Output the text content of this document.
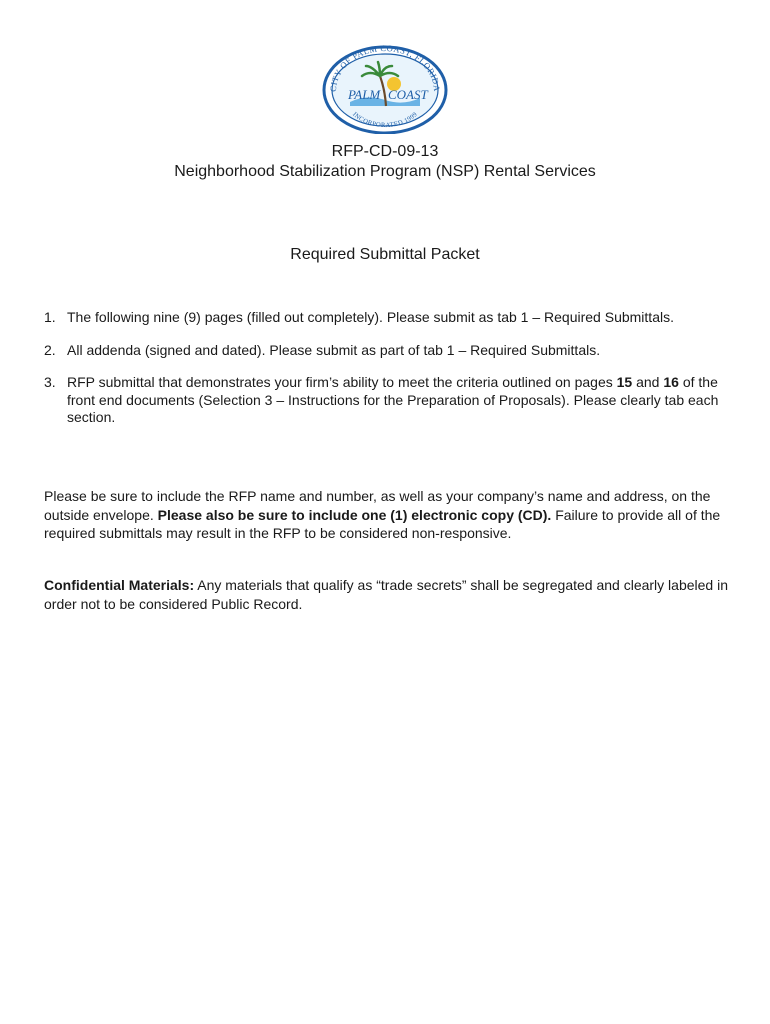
CITY OF PALM COAST, FLORIDA
PALM COAST
INCORPORATED 1999
RFP-CD-09-13
Neighborhood Stabilization Program (NSP) Rental Services
Required Submittal Packet

1. The following nine (9) pages (filled out completely). Please submit as tab 1 – Required Submittals.

2. All addenda (signed and dated). Please submit as part of tab 1 – Required Submittals.

3. RFP submittal that demonstrates your firm’s ability to meet the criteria outlined on pages 15 and 16 of the front end documents (Selection 3 – Instructions for the Preparation of Proposals). Please clearly tab each section.

Please be sure to include the RFP name and number, as well as your company’s name and address, on the outside envelope. Please also be sure to include one (1) electronic copy (CD). Failure to provide all of the required submittals may result in the RFP to be considered non-responsive.

Confidential Materials: Any materials that qualify as “trade secrets” shall be segregated and clearly labeled in order not to be considered Public Record.
